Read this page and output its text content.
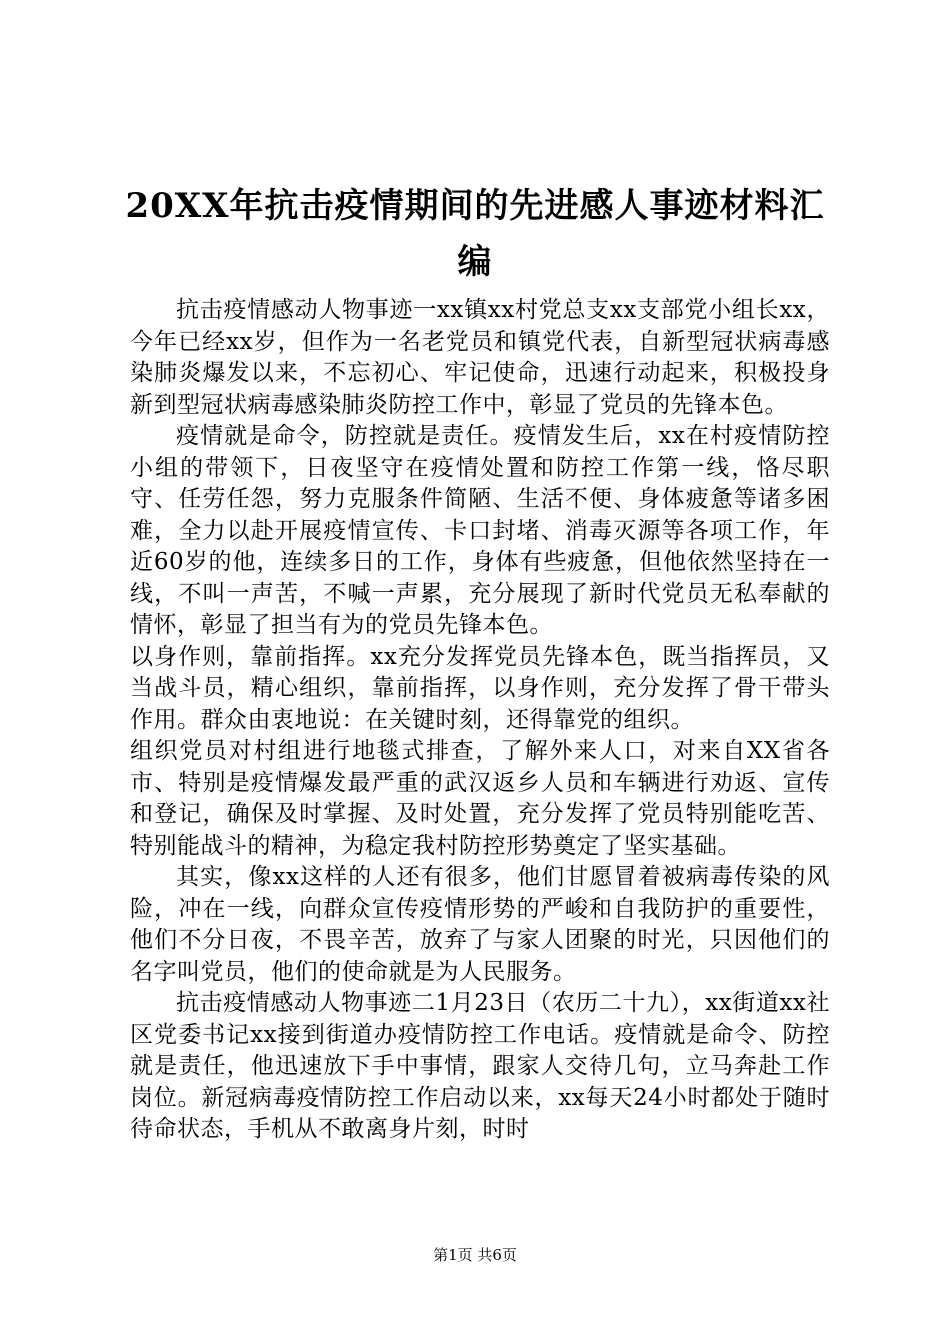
20XX年抗击疫情期间的先进感人事迹材料汇编

抗击疫情感动人物事迹一xx镇xx村党总支xx支部党小组长xx，今年已经xx岁，但作为一名老党员和镇党代表，自新型冠状病毒感染肺炎爆发以来，不忘初心、牢记使命，迅速行动起来，积极投身新到型冠状病毒感染肺炎防控工作中，彰显了党员的先锋本色。

疫情就是命令，防控就是责任。疫情发生后，xx在村疫情防控小组的带领下，日夜坚守在疫情处置和防控工作第一线，恪尽职守、任劳任怨，努力克服条件简陋、生活不便、身体疲惫等诸多困难，全力以赴开展疫情宣传、卡口封堵、消毒灭源等各项工作，年近60岁的他，连续多日的工作，身体有些疲惫，但他依然坚持在一线，不叫一声苦，不喊一声累，充分展现了新时代党员无私奉献的情怀，彰显了担当有为的党员先锋本色。

以身作则，靠前指挥。xx充分发挥党员先锋本色，既当指挥员，又当战斗员，精心组织，靠前指挥，以身作则，充分发挥了骨干带头作用。群众由衷地说：在关键时刻，还得靠党的组织。

组织党员对村组进行地毯式排查，了解外来人口，对来自XX省各市、特别是疫情爆发最严重的武汉返乡人员和车辆进行劝返、宣传和登记，确保及时掌握、及时处置，充分发挥了党员特别能吃苦、特别能战斗的精神，为稳定我村防控形势奠定了坚实基础。

其实，像xx这样的人还有很多，他们甘愿冒着被病毒传染的风险，冲在一线，向群众宣传疫情形势的严峻和自我防护的重要性，他们不分日夜，不畏辛苦，放弃了与家人团聚的时光，只因他们的名字叫党员，他们的使命就是为人民服务。

抗击疫情感动人物事迹二1月23日（农历二十九），xx街道xx社区党委书记xx接到街道办疫情防控工作电话。疫情就是命令、防控就是责任，他迅速放下手中事情，跟家人交待几句，立马奔赴工作岗位。新冠病毒疫情防控工作启动以来，xx每天24小时都处于随时待命状态，手机从不敢离身片刻，时时

第1页 共6页
